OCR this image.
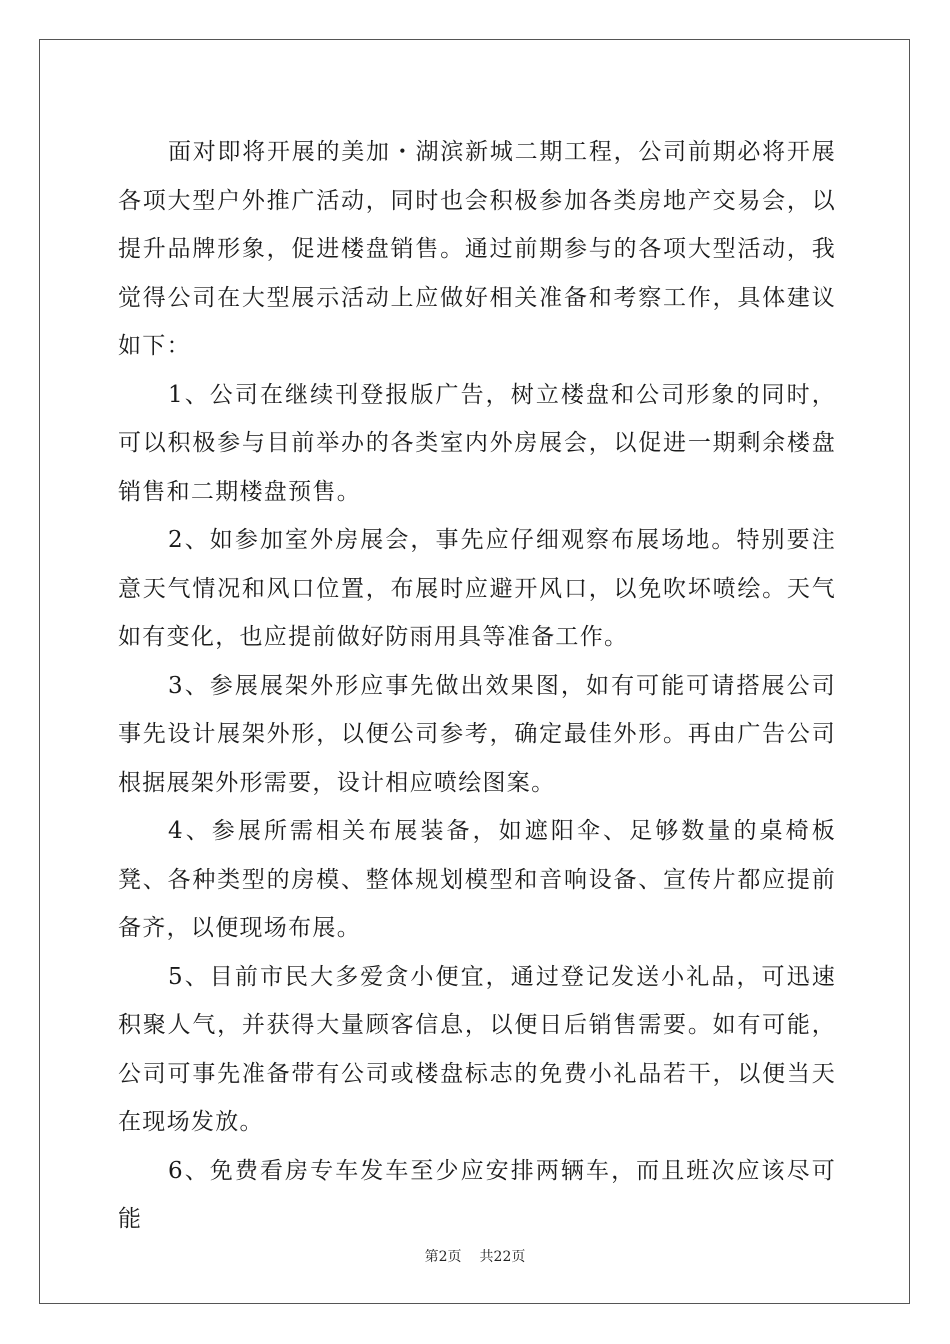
面对即将开展的美加・湖滨新城二期工程，公司前期必将开展各项大型户外推广活动，同时也会积极参加各类房地产交易会，以提升品牌形象，促进楼盘销售。通过前期参与的各项大型活动，我觉得公司在大型展示活动上应做好相关准备和考察工作，具体建议如下：

1、公司在继续刊登报版广告，树立楼盘和公司形象的同时，可以积极参与目前举办的各类室内外房展会，以促进一期剩余楼盘销售和二期楼盘预售。

2、如参加室外房展会，事先应仔细观察布展场地。特别要注意天气情况和风口位置，布展时应避开风口，以免吹坏喷绘。天气如有变化，也应提前做好防雨用具等准备工作。

3、参展展架外形应事先做出效果图，如有可能可请搭展公司事先设计展架外形，以便公司参考，确定最佳外形。再由广告公司根据展架外形需要，设计相应喷绘图案。

4、参展所需相关布展装备，如遮阳伞、足够数量的桌椅板凳、各种类型的房模、整体规划模型和音响设备、宣传片都应提前备齐，以便现场布展。

5、目前市民大多爱贪小便宜，通过登记发送小礼品，可迅速积聚人气，并获得大量顾客信息，以便日后销售需要。如有可能，公司可事先准备带有公司或楼盘标志的免费小礼品若干，以便当天在现场发放。

6、免费看房专车发车至少应安排两辆车，而且班次应该尽可能

第2页 共22页
